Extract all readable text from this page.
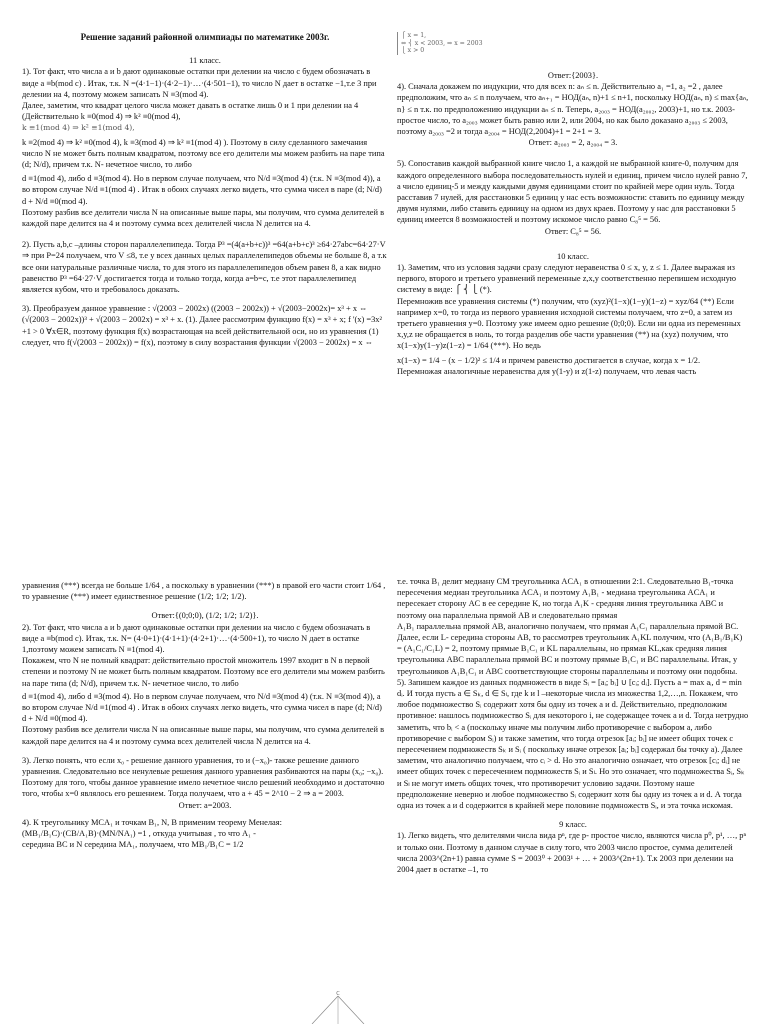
Решение заданий районной олимпиады по математике 2003г.

11 класс.

1). Тот факт, что числа a и b дают одинаковые остатки при делении на число c будем обозначать в виде a ≡b(mod c) . Итак, т.к. N =(4·1−1)·(4·2−1)·…·(4·501−1), то число N дает в остатке −1,т.е 3 при делении на 4, поэтому можем записать N ≡3(mod 4).

Далее, заметим, что квадрат целого числа может давать в остатке лишь 0 и 1 при делении на 4 (Действительно k ≡0(mod 4) ⇒ k² ≡0(mod 4),

k ≡1(mod 4) ⇒ k² ≡1(mod 4),

k ≡2(mod 4) ⇒ k² ≡0(mod 4), k ≡3(mod 4) ⇒ k² ≡1(mod 4) ). Поэтому в силу сделанного замечания число N не может быть полным квадратом, поэтому все его делители мы можем разбить на паре типа (d; N/d), причем т.к. N- нечетное число, то либо

d ≡1(mod 4), либо d ≡3(mod 4). Но в первом случае получаем, что N/d ≡3(mod 4) (т.к. N ≡3(mod 4)), а во втором случае N/d ≡1(mod 4) . Итак в обоих случаях легко видеть, что сумма чисел в паре (d; N/d) d + N/d ≡0(mod 4).

Поэтому разбив все делители числа N на описанные выше пары, мы получим, что сумма делителей в каждой паре делится на 4 и поэтому сумма всех делителей числа N делится на 4.

2). Пусть a,b,c –длины сторон параллелепипеда. Тогда P³ =(4(a+b+c))³ =64(a+b+c)³ ≥64·27abc=64·27·V ⇒ при P=24 получаем, что V ≤8, т.е у всех данных целых параллелепипедов объемы не больше 8, а т.к все они натуральные различные числа, то для этого из параллелепипедов объем равен 8, а как видно равенство P³ =64·27·V достигается тогда и только тогда, когда a=b=c, т.е этот параллелепипед является кубом, что и требовалось доказать.

3). Преобразуем данное уравнение : √(2003 − 2002x) ((2003 − 2002x)) + √(2003−2002x)= x³ + x ⇔ (√(2003 − 2002x))³ + √(2003 − 2002x) = x³ + x. (1). Далее рассмотрим функцию f(x) = x³ + x; f '(x) =3x² +1 > 0 ∀x∈R, поэтому функция f(x) возрастающая на всей действительной оси, но из уравнения (1) следует, что f(√(2003 − 2002x)) = f(x), поэтому в силу возрастания функции √(2003 − 2002x) = x ⇔

уравнения (***) всегда не больше 1/64 , а поскольку в уравнении (***) в правой его части стоит 1/64 , то уравнение (***) имеет единственное решение (1/2; 1/2; 1/2).

Ответ:{(0;0;0), (1/2; 1/2; 1/2)}.

2). Тот факт, что числа a и b дают одинаковые остатки при делении на число c будем обозначать в виде a ≡b(mod c). Итак, т.к. N= (4·0+1)·(4·1+1)·(4·2+1)·…·(4·500+1), то число N дает в остатке 1,поэтому можем записать N ≡1(mod 4).

Покажем, что N не полный квадрат: действительно простой множитель 1997 входит в N в первой степени и поэтому N не может быть полным квадратом. Поэтому все его делители мы можем разбить на паре типа (d; N/d), причем т.к. N- нечетное число, то либо

d ≡1(mod 4), либо d ≡3(mod 4). Но в первом случае получаем, что N/d ≡3(mod 4) (т.к. N ≡3(mod 4)), а во втором случае N/d ≡1(mod 4) . Итак в обоих случаях легко видеть, что сумма чисел в паре (d; N/d) d + N/d ≡0(mod 4).

Поэтому разбив все делители числа N на описанные выше пары, мы получим, что сумма делителей в каждой паре делится на 4 и поэтому сумма всех делителей числа N делится на 4.

3). Легко понять, что если x₀ - решение данного уравнения, то и (−x₀)- также решение данного уравнения. Следовательно все ненулевые решения данного уравнения разбиваются на пары (x₀; −x₀). Поэтому для того, чтобы данное уравнение имело нечетное число решений необходимо и достаточно того, чтобы x=0 являлось его решением. Тогда получаем, что a + 45 = 2^10 − 2 ⇒ a = 2003.

Ответ: a=2003.

4). К треугольнику MCA₁ и точкам B₁, N, B применим теорему Менелая: (MB₁/B₁C)·(CB/A₁B)·(MN/NA₁) =1 , откуда учитывая , то что A₁ -

середина BC и N середина MA₁, получаем, что MB₁/B₁C = 1/2

⎧ x = 1,
⇔ ⎨ x < 2003, ⇒ x = 2003
⎩ x > 0

Ответ:{2003}.

4). Сначала докажем по индукции, что для всех n: aₙ ≤ n. Действительно a₁ =1, a₂ =2 , далее предположим, что aₙ ≤ n получаем, что aₙ₊₁ = НОД(aₙ, n)+1 ≤ n+1, поскольку НОД(aₙ, n) ≤ max{aₙ, n} ≤ n т.к. по предположению индукции aₙ ≤ n. Теперь, a₂₀₀₃ = НОД(a₂₀₀₂, 2003)+1, но т.к. 2003-простое число, то a₂₀₀₃ может быть равно или 2, или 2004, но как было доказано a₂₀₀₃ ≤ 2003, поэтому a₂₀₀₃ =2 и тогда a₂₀₀₄ = НОД(2,2004)+1 = 2+1 = 3.

Ответ: a₂₀₀₃ = 2, a₂₀₀₄ = 3.

5). Сопоставив каждой выбранной книге число 1, а каждой не выбранной книге-0, получим для каждого определенного выбора последовательность нулей и единиц, причем число нулей равно 7, а число единиц-5 и между каждыми двумя единицами стоит по крайней мере один нуль. Тогда расставив 7 нулей, для расстановки 5 единиц у нас есть возможности: ставить по единицу между двумя нулями, либо ставить единицу на одном из двух краев. Поэтому у нас для расстановки 5 единиц имеется 8 возможностей и поэтому искомое число равно C₈⁵ = 56.

Ответ: C₈⁵ = 56.

10 класс.

1). Заметим, что из условия задачи сразу следуют неравенства 0 ≤ x, y, z ≤ 1. Далее выражая из первого, второго и третьего уравнений переменные z,x,y соответственно перепишем исходную систему в виде: ⎧ ⎨ ⎩ (*).

Перемножив все уравнения системы (*) получим, что (xyz)²(1−x)(1−y)(1−z) = xyz/64 (**) Если например x=0, то тогда из первого уравнения исходной системы получаем, что z=0, а затем из третьего уравнения y=0. Поэтому уже имеем одно решение (0;0;0). Если ни одна из переменных x,y,z не обращается в ноль, то тогда разделив обе части уравнения (**) на (xyz) получим, что x(1−x)y(1−y)z(1−z) = 1/64 (***). Но ведь

x(1−x) = 1/4 − (x − 1/2)² ≤ 1/4 и причем равенство достигается в случае, когда x = 1/2.

Перемножая аналогичные неравенства для y(1-y) и z(1-z) получаем, что левая часть

т.е. точка B₁ делит медиану CM треугольника ACA₁ в отношении 2:1. Следовательно B₁-точка пересечения медиан треугольника ACA₁ и поэтому A₁B₁ - медиана треугольника ACA₁ и пересекает сторону AC в ее середине K, но тогда A₁K - средняя линия треугольника ABC и поэтому она параллельна прямой AB и следовательно прямая

A₁B₁ параллельна прямой AB, аналогично получаем, что прямая A₁C₁ параллельна прямой BC. Далее, если L- середина стороны AB, то рассмотрев треугольник A₁KL получим, что (A₁B₁/B₁K) = (A₁C₁/C₁L) = 2, поэтому прямые B₁C₁ и KL параллельны, но прямая KL,как средняя линия треугольника ABC параллельна прямой BC и поэтому прямые B₁C₁ и BC параллельны. Итак, у треугольников A₁B₁C₁ и ABC соответствующие стороны параллельны и поэтому они подобны.

5). Запишем каждое из данных подмножеств в виде Sᵢ = [aᵢ; bᵢ] ∪ [cᵢ; dᵢ]. Пусть a = max aᵢ, d = min dᵢ. И тогда пусть a ∈ Sₖ, d ∈ Sₗ, где k и l –некоторые числа из множества 1,2,…,n. Покажем, что любое подмножество Sᵢ содержит хотя бы одну из точек a и d. Действительно, предположим противное: нашлось подмножество Sᵢ для некоторого i, не содержащее точек a и d. Тогда нетрудно заметить, что bᵢ < a (поскольку иначе мы получим либо противоречие с выбором a, либо противоречие с выбором Sᵢ) и также заметим, что тогда отрезок [aᵢ; bᵢ] не имеет общих точек с пересечением подмножеств Sₖ и Sᵢ ( поскольку иначе отрезок [aᵢ; bᵢ] содержал бы точку a). Далее заметим, что аналогично получаем, что cᵢ > d. Но это аналогично означает, что отрезок [cᵢ; dᵢ] не имеет общих точек с пересечением подмножеств Sᵢ и Sₗ. Но это означает, что подмножества Sᵢ, Sₖ и Sₗ не могут иметь общих точек, что противоречит условию задачи. Поэтому наше предположение неверно и любое подмножество Sᵢ содержит хотя бы одну из точек a и d. А тогда одна из точек a и d содержится в крайней мере половине подмножеств Sᵢ, и эта точка искомая.

9 класс.

1). Легко видеть, что делителями числа вида pⁿ, где p- простое число, являются числа p⁰, p¹, …, pⁿ и только они. Поэтому в данном случае в силу того, что 2003 число простое, сумма делителей числа 2003^(2n+1) равна сумме S = 2003⁰ + 2003¹ + … + 2003^(2n+1). Т.к 2003 при делении на 2004 дает в остатке –1, то

C
